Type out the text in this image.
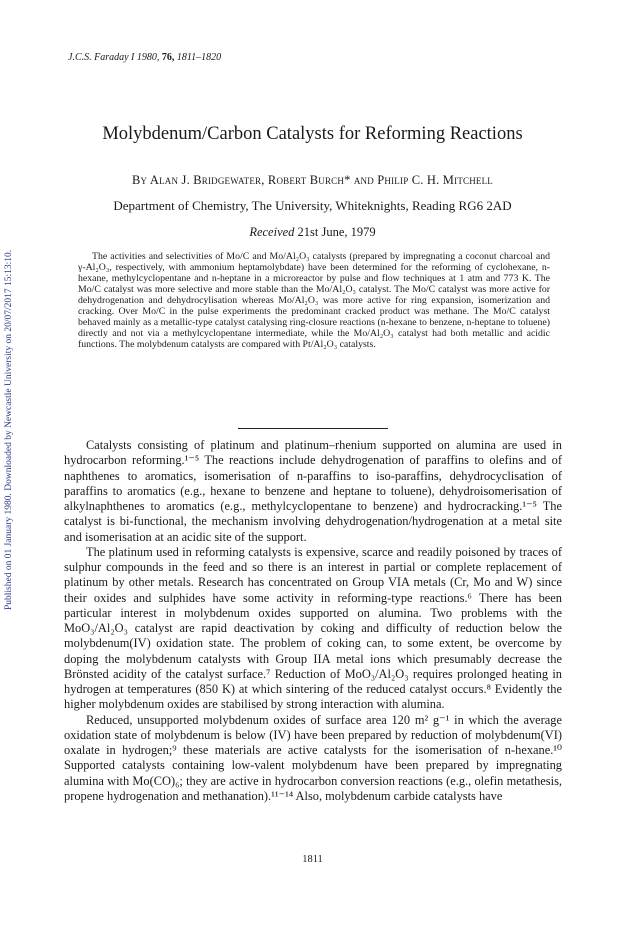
Published on 01 January 1980. Downloaded by Newcastle University on 20/07/2017 15:13:10.
J.C.S. Faraday I 1980, 76, 1811–1820
Molybdenum/Carbon Catalysts for Reforming Reactions
By Alan J. Bridgewater, Robert Burch* and Philip C. H. Mitchell
Department of Chemistry, The University, Whiteknights, Reading RG6 2AD
Received 21st June, 1979
The activities and selectivities of Mo/C and Mo/Al₂O₃ catalysts (prepared by impregnating a coconut charcoal and γ-Al₂O₃, respectively, with ammonium heptamolybdate) have been determined for the reforming of cyclohexane, n-hexane, methylcyclopentane and n-heptane in a microreactor by pulse and flow techniques at 1 atm and 773 K. The Mo/C catalyst was more selective and more stable than the Mo/Al₂O₃ catalyst. The Mo/C catalyst was more active for dehydrogenation and dehydrocylisation whereas Mo/Al₂O₃ was more active for ring expansion, isomerization and cracking. Over Mo/C in the pulse experiments the predominant cracked product was methane. The Mo/C catalyst behaved mainly as a metallic-type catalyst catalysing ring-closure reactions (n-hexane to benzene, n-heptane to toluene) directly and not via a methylcyclopentane intermediate, while the Mo/Al₂O₃ catalyst had both metallic and acidic functions. The molybdenum catalysts are compared with Pt/Al₂O₃ catalysts.

Catalysts consisting of platinum and platinum–rhenium supported on alumina are used in hydrocarbon reforming.¹⁻⁵ The reactions include dehydrogenation of paraffins to olefins and of naphthenes to aromatics, isomerisation of n-paraffins to iso-paraffins, dehydrocyclisation of paraffins to aromatics (e.g., hexane to benzene and heptane to toluene), dehydroisomerisation of alkylnaphthenes to aromatics (e.g., methylcyclopentane to benzene) and hydrocracking.¹⁻⁵ The catalyst is bi-functional, the mechanism involving dehydrogenation/hydrogenation at a metal site and isomerisation at an acidic site of the support.

The platinum used in reforming catalysts is expensive, scarce and readily poisoned by traces of sulphur compounds in the feed and so there is an interest in partial or complete replacement of platinum by other metals. Research has concentrated on Group VIA metals (Cr, Mo and W) since their oxides and sulphides have some activity in reforming-type reactions.⁶ There has been particular interest in molybdenum oxides supported on alumina. Two problems with the MoO₃/Al₂O₃ catalyst are rapid deactivation by coking and difficulty of reduction below the molybdenum(IV) oxidation state. The problem of coking can, to some extent, be overcome by doping the molybdenum catalysts with Group IIA metal ions which presumably decrease the Brönsted acidity of the catalyst surface.⁷ Reduction of MoO₃/Al₂O₃ requires prolonged heating in hydrogen at temperatures (850 K) at which sintering of the reduced catalyst occurs.⁸ Evidently the higher molybdenum oxides are stabilised by strong interaction with alumina.

Reduced, unsupported molybdenum oxides of surface area 120 m² g⁻¹ in which the average oxidation state of molybdenum is below (IV) have been prepared by reduction of molybdenum(VI) oxalate in hydrogen;⁹ these materials are active catalysts for the isomerisation of n-hexane.¹⁰ Supported catalysts containing low-valent molybdenum have been prepared by impregnating alumina with Mo(CO)₆; they are active in hydrocarbon conversion reactions (e.g., olefin metathesis, propene hydrogenation and methanation).¹¹⁻¹⁴ Also, molybdenum carbide catalysts have

1811
